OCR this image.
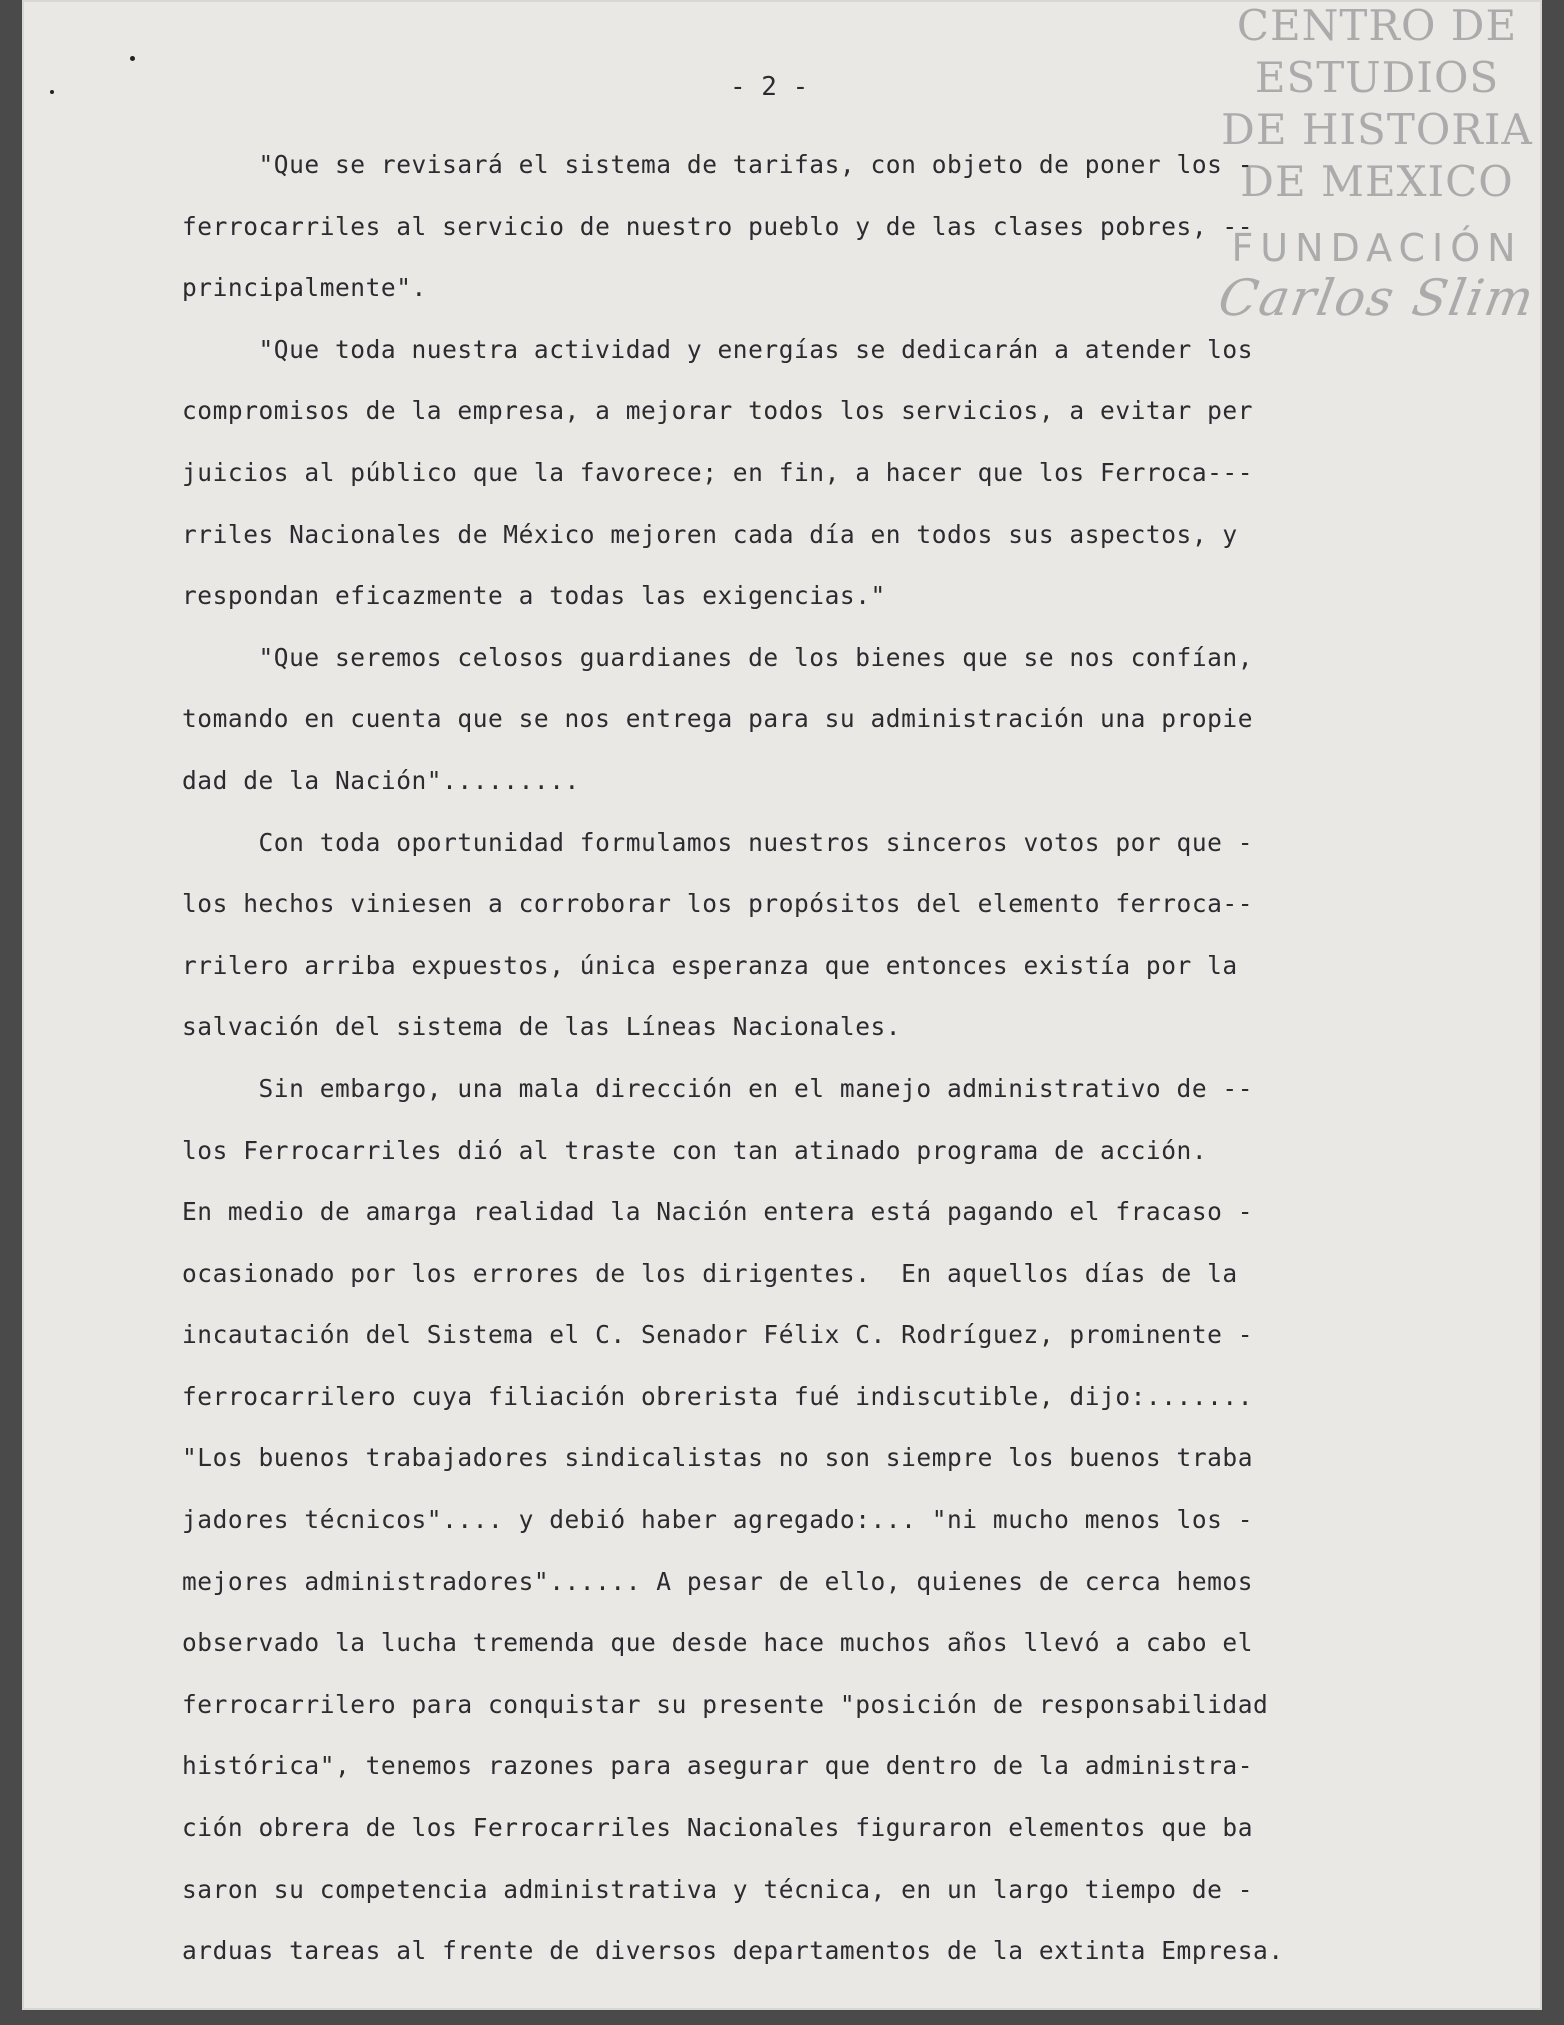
- 2 -
CENTRO DE
ESTUDIOS
DE HISTORIA
DE MEXICO
FUNDACIÓN
Carlos Slim
"Que se revisará el sistema de tarifas, con objeto de poner los -
ferrocarriles al servicio de nuestro pueblo y de las clases pobres, --
principalmente".
"Que toda nuestra actividad y energías se dedicarán a atender los
compromisos de la empresa, a mejorar todos los servicios, a evitar per
juicios al público que la favorece; en fin, a hacer que los Ferroca---
rriles Nacionales de México mejoren cada día en todos sus aspectos, y
respondan eficazmente a todas las exigencias."
"Que seremos celosos guardianes de los bienes que se nos confían,
tomando en cuenta que se nos entrega para su administración una propie
dad de la Nación".........
Con toda oportunidad formulamos nuestros sinceros votos por que -
los hechos viniesen a corroborar los propósitos del elemento ferroca--
rrilero arriba expuestos, única esperanza que entonces existía por la
salvación del sistema de las Líneas Nacionales.
Sin embargo, una mala dirección en el manejo administrativo de --
los Ferrocarriles dió al traste con tan atinado programa de acción.
En medio de amarga realidad la Nación entera está pagando el fracaso -
ocasionado por los errores de los dirigentes.  En aquellos días de la
incautación del Sistema el C. Senador Félix C. Rodríguez, prominente -
ferrocarrilero cuya filiación obrerista fué indiscutible, dijo:.......
"Los buenos trabajadores sindicalistas no son siempre los buenos traba
jadores técnicos".... y debió haber agregado:... "ni mucho menos los -
mejores administradores"...... A pesar de ello, quienes de cerca hemos
observado la lucha tremenda que desde hace muchos años llevó a cabo el
ferrocarrilero para conquistar su presente "posición de responsabilidad
histórica", tenemos razones para asegurar que dentro de la administra-
ción obrera de los Ferrocarriles Nacionales figuraron elementos que ba
saron su competencia administrativa y técnica, en un largo tiempo de -
arduas tareas al frente de diversos departamentos de la extinta Empresa.
